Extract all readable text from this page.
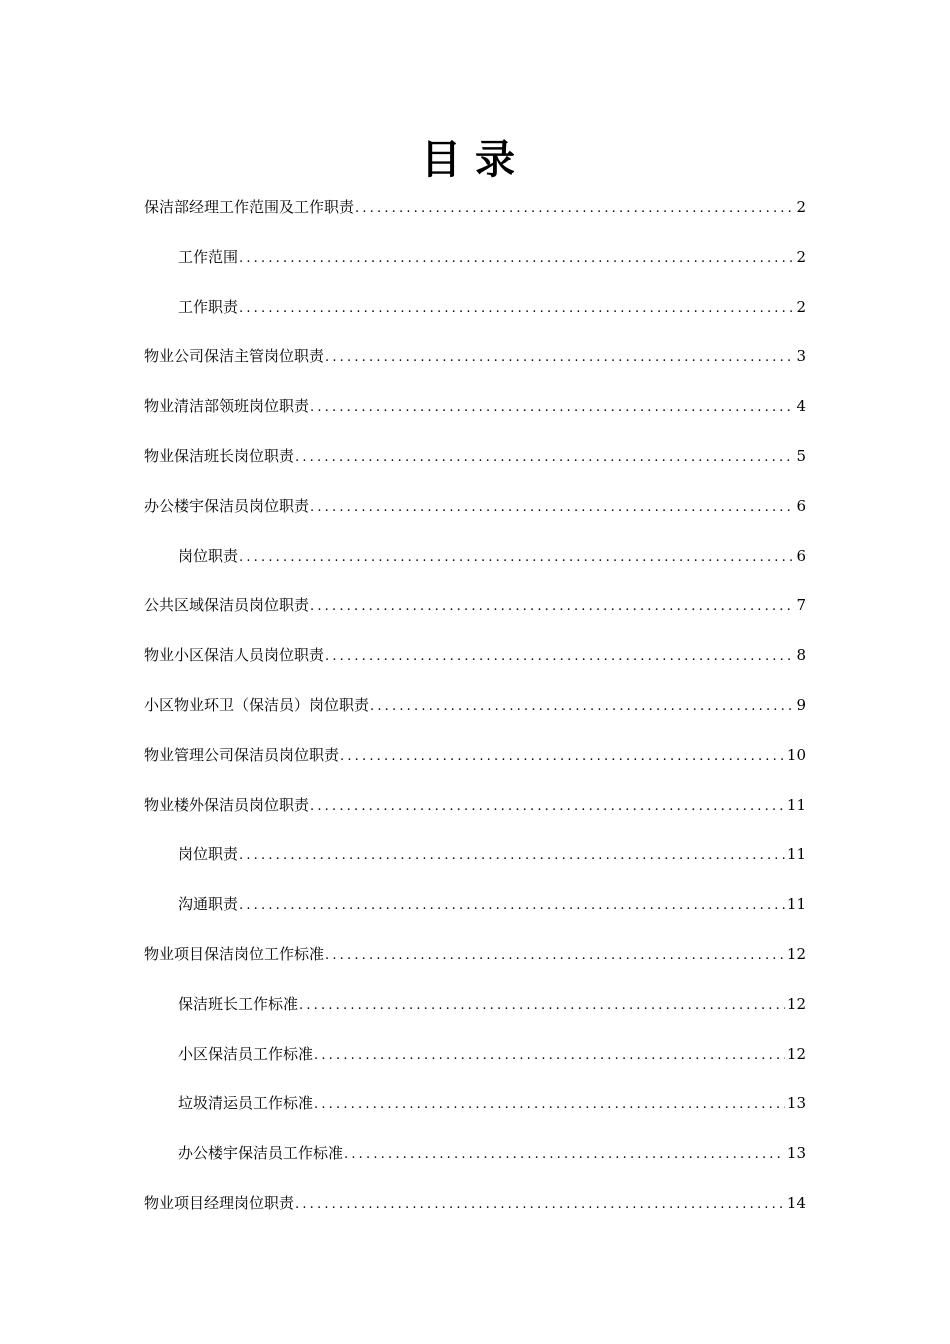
目录
保洁部经理工作范围及工作职责 .....	2
工作范围 .....	2
工作职责 .....	2
物业公司保洁主管岗位职责 .....	3
物业清洁部领班岗位职责 .....	4
物业保洁班长岗位职责 .....	5
办公楼宇保洁员岗位职责 .....	6
岗位职责 .....	6
公共区域保洁员岗位职责 .....	7
物业小区保洁人员岗位职责 .....	8
小区物业环卫（保洁员）岗位职责 .....	9
物业管理公司保洁员岗位职责 .....	10
物业楼外保洁员岗位职责 .....	11
岗位职责 .....	11
沟通职责 .....	11
物业项目保洁岗位工作标准 .....	12
保洁班长工作标准 .....	12
小区保洁员工作标准 .....	12
垃圾清运员工作标准 .....	13
办公楼宇保洁员工作标准 .....	13
物业项目经理岗位职责 .....	14
